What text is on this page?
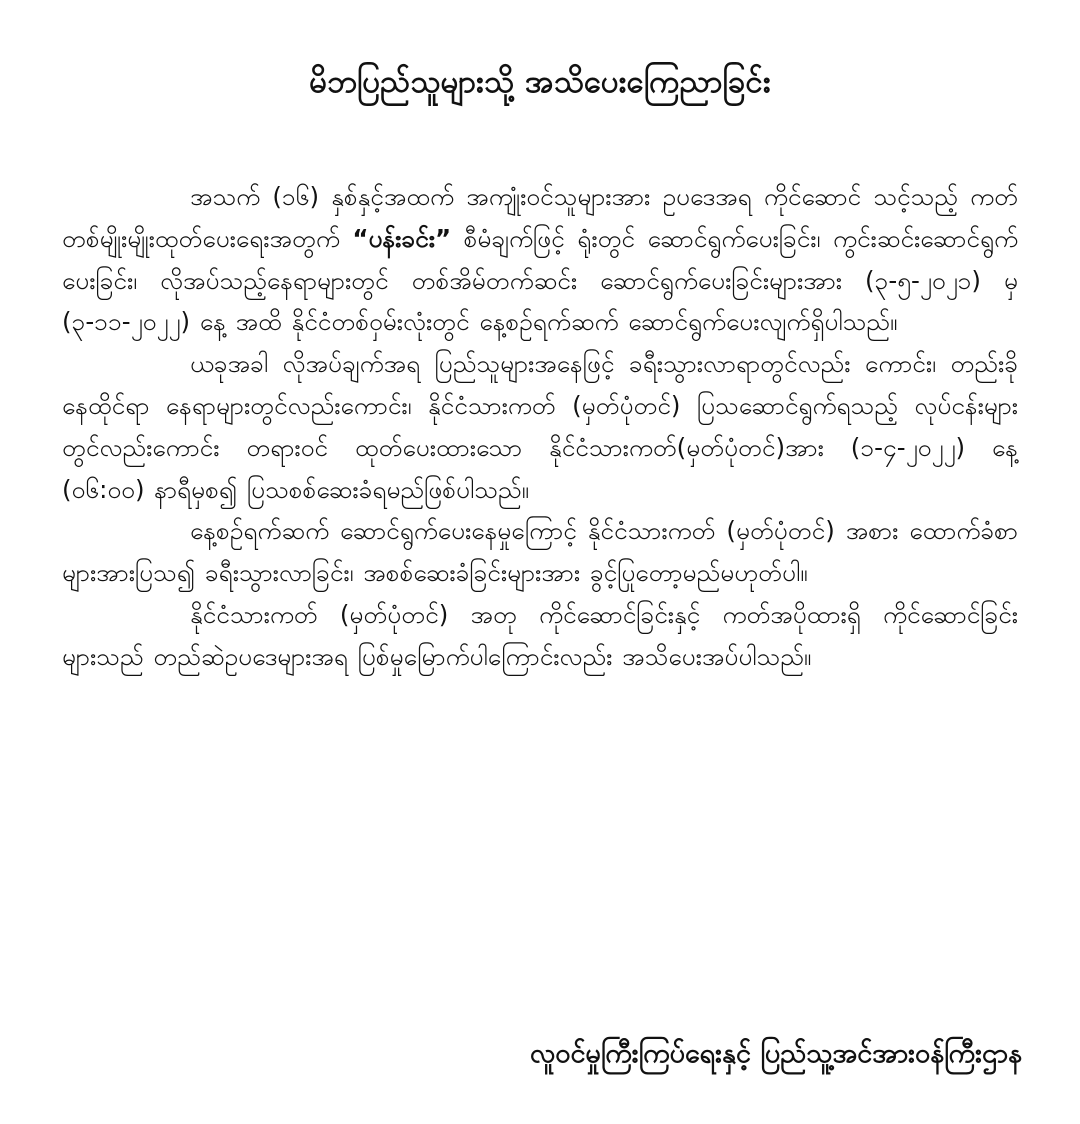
မိဘပြည်သူများသို့ အသိပေးကြေညာခြင်း

အသက် (၁၆) နှစ်နှင့်အထက် အကျုံးဝင်သူများအား ဥပဒေအရ ကိုင်ဆောင် သင့်သည့် ကတ်တစ်မျိုးမျိုးထုတ်ပေးရေးအတွက် “ပန်းခင်း” စီမံချက်ဖြင့် ရုံးတွင် ဆောင်ရွက်ပေးခြင်း၊ ကွင်းဆင်းဆောင်ရွက်ပေးခြင်း၊ လိုအပ်သည့်နေရာများတွင် တစ်အိမ်တက်ဆင်း ဆောင်ရွက်ပေးခြင်းများအား (၃-၅-၂၀၂၁) မှ (၃-၁၁-၂၀၂၂) နေ့ အထိ နိုင်ငံတစ်ဝှမ်းလုံးတွင် နေ့စဉ်ရက်ဆက် ဆောင်ရွက်ပေးလျက်ရှိပါသည်။

ယခုအခါ လိုအပ်ချက်အရ ပြည်သူများအနေဖြင့် ခရီးသွားလာရာတွင်လည်း ကောင်း၊ တည်းခိုနေထိုင်ရာ နေရာများတွင်လည်းကောင်း၊ နိုင်ငံသားကတ် (မှတ်ပုံတင်) ပြသဆောင်ရွက်ရသည့် လုပ်ငန်းများတွင်လည်းကောင်း တရားဝင် ထုတ်ပေးထားသော နိုင်ငံသားကတ်(မှတ်ပုံတင်)အား (၁-၄-၂၀၂၂) နေ့ (၀၆:၀၀) နာရီမှစ၍ ပြသစစ်ဆေးခံရမည်ဖြစ်ပါသည်။

နေ့စဉ်ရက်ဆက် ဆောင်ရွက်ပေးနေမှုကြောင့် နိုင်ငံသားကတ် (မှတ်ပုံတင်) အစား ထောက်ခံစာများအားပြသ၍ ခရီးသွားလာခြင်း၊ အစစ်ဆေးခံခြင်းများအား ခွင့်ပြုတော့မည်မဟုတ်ပါ။

နိုင်ငံသားကတ် (မှတ်ပုံတင်) အတု ကိုင်ဆောင်ခြင်းနှင့် ကတ်အပိုထားရှိ ကိုင်ဆောင်ခြင်းများသည် တည်ဆဲဥပဒေများအရ ပြစ်မှုမြောက်ပါကြောင်းလည်း အသိပေးအပ်ပါသည်။

လူဝင်မှုကြီးကြပ်ရေးနှင့် ပြည်သူ့အင်အားဝန်ကြီးဌာန
